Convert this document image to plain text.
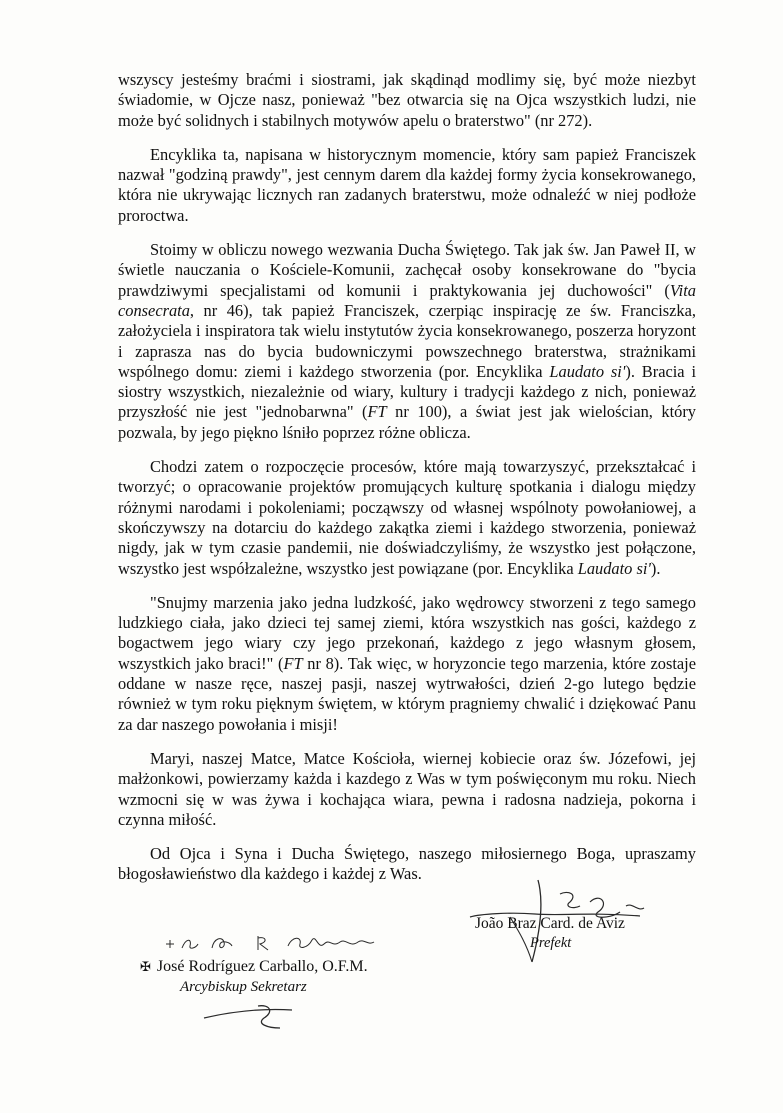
wszyscy jesteśmy braćmi i siostrami, jak skądinąd modlimy się, być może niezbyt świadomie, w Ojcze nasz, ponieważ "bez otwarcia się na Ojca wszystkich ludzi, nie może być solidnych i stabilnych motywów apelu o braterstwo" (nr 272).

Encyklika ta, napisana w historycznym momencie, który sam papież Franciszek nazwał "godziną prawdy", jest cennym darem dla każdej formy życia konsekrowanego, która nie ukrywając licznych ran zadanych braterstwu, może odnaleźć w niej podłoże proroctwa.

Stoimy w obliczu nowego wezwania Ducha Świętego. Tak jak św. Jan Paweł II, w świetle nauczania o Kościele-Komunii, zachęcał osoby konsekrowane do "bycia prawdziwymi specjalistami od komunii i praktykowania jej duchowości" (Vita consecrata, nr 46), tak papież Franciszek, czerpiąc inspirację ze św. Franciszka, założyciela i inspiratora tak wielu instytutów życia konsekrowanego, poszerza horyzont i zaprasza nas do bycia budowniczymi powszechnego braterstwa, strażnikami wspólnego domu: ziemi i każdego stworzenia (por. Encyklika Laudato si'). Bracia i siostry wszystkich, niezależnie od wiary, kultury i tradycji każdego z nich, ponieważ przyszłość nie jest "jednobarwna" (FT nr 100), a świat jest jak wielościan, który pozwala, by jego piękno lśniło poprzez różne oblicza.

Chodzi zatem o rozpoczęcie procesów, które mają towarzyszyć, przekształcać i tworzyć; o opracowanie projektów promujących kulturę spotkania i dialogu między różnymi narodami i pokoleniami; począwszy od własnej wspólnoty powołaniowej, a skończywszy na dotarciu do każdego zakątka ziemi i każdego stworzenia, ponieważ nigdy, jak w tym czasie pandemii, nie doświadczyliśmy, że wszystko jest połączone, wszystko jest współzależne, wszystko jest powiązane (por. Encyklika Laudato si').

"Snujmy marzenia jako jedna ludzkość, jako wędrowcy stworzeni z tego samego ludzkiego ciała, jako dzieci tej samej ziemi, która wszystkich nas gości, każdego z bogactwem jego wiary czy jego przekonań, każdego z jego własnym głosem, wszystkich jako braci!" (FT nr 8). Tak więc, w horyzoncie tego marzenia, które zostaje oddane w nasze ręce, naszej pasji, naszej wytrwałości, dzień 2-go lutego będzie również w tym roku pięknym świętem, w którym pragniemy chwalić i dziękować Panu za dar naszego powołania i misji!

Maryi, naszej Matce, Matce Kościoła, wiernej kobiecie oraz św. Józefowi, jej małżonkowi, powierzamy każda i kazdego z Was w tym poświęconym mu roku. Niech wzmocni się w was żywa i kochająca wiara, pewna i radosna nadzieja, pokorna i czynna miłość.

Od Ojca i Syna i Ducha Świętego, naszego miłosiernego Boga, upraszamy błogosławieństwo dla każdego i każdej z Was.

João Braz Card. de Aviz
Prefekt
✠ José Rodríguez Carballo, O.F.M.
Arcybiskup Sekretarz
